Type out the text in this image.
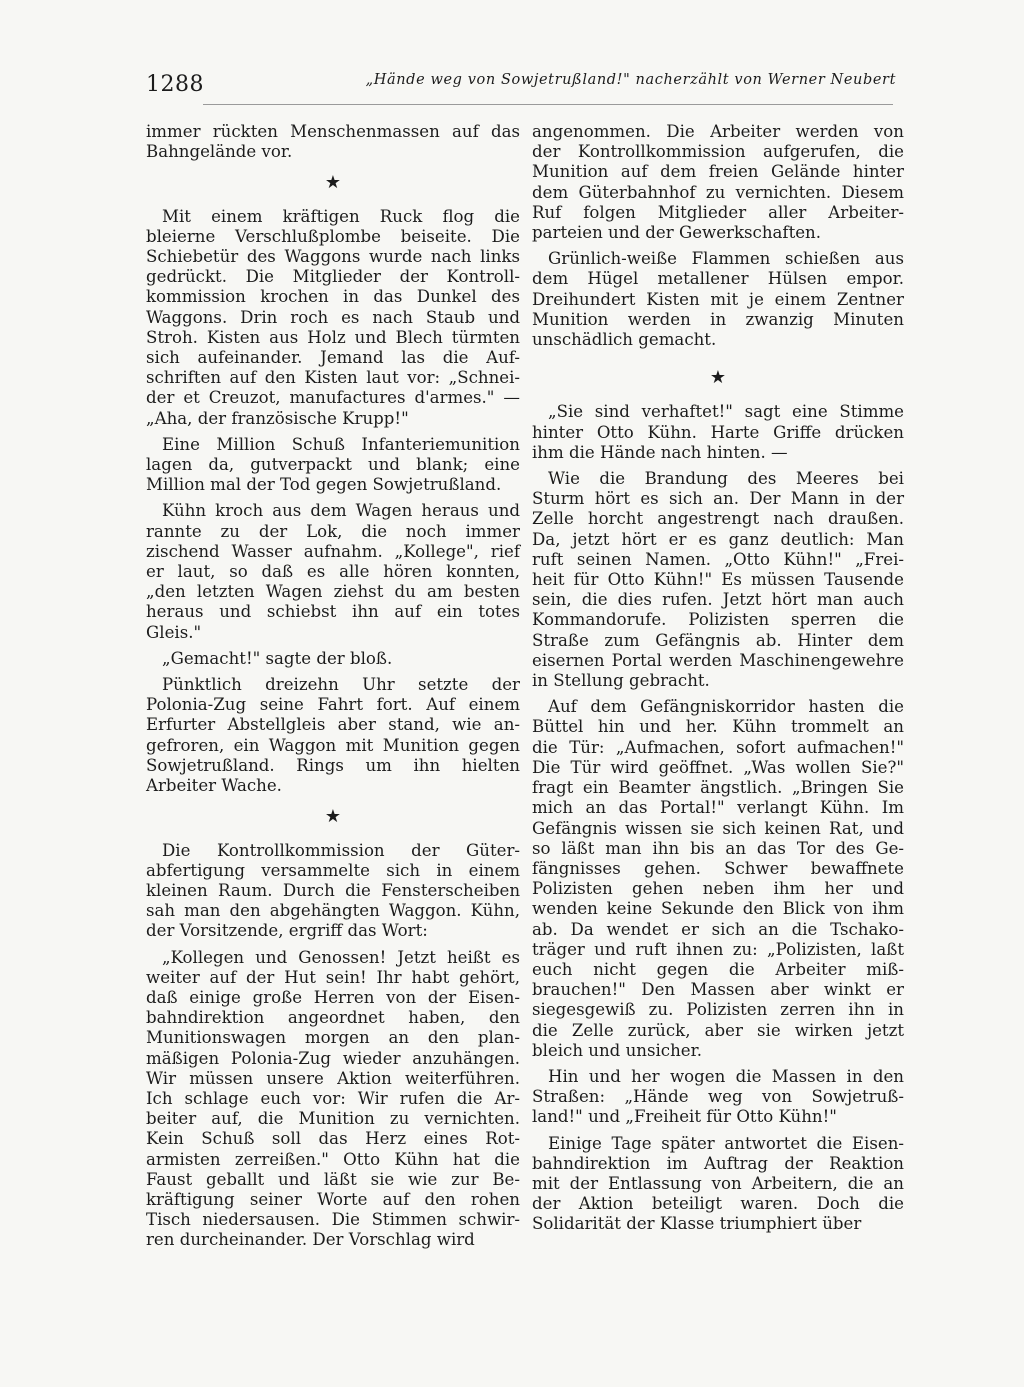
1288	„Hände weg von Sowjetrußland!" nacherzählt von Werner Neubert
immer rückten Menschenmassen auf das
Bahngelände vor.
★
Mit einem kräftigen Ruck flog die
bleierne Verschlußplombe beiseite. Die
Schiebetür des Waggons wurde nach links
gedrückt. Die Mitglieder der Kontroll-
kommission krochen in das Dunkel des
Waggons. Drin roch es nach Staub und
Stroh. Kisten aus Holz und Blech türmten
sich aufeinander. Jemand las die Auf-
schriften auf den Kisten laut vor: „Schnei-
der et Creuzot, manufactures d'armes." —
„Aha, der französische Krupp!"
Eine Million Schuß Infanteriemunition
lagen da, gutverpackt und blank; eine
Million mal der Tod gegen Sowjetrußland.
Kühn kroch aus dem Wagen heraus und
rannte zu der Lok, die noch immer
zischend Wasser aufnahm. „Kollege", rief
er laut, so daß es alle hören konnten,
„den letzten Wagen ziehst du am besten
heraus und schiebst ihn auf ein totes
Gleis."
„Gemacht!" sagte der bloß.
Pünktlich dreizehn Uhr setzte der
Polonia-Zug seine Fahrt fort. Auf einem
Erfurter Abstellgleis aber stand, wie an-
gefroren, ein Waggon mit Munition gegen
Sowjetrußland. Rings um ihn hielten
Arbeiter Wache.
★
Die Kontrollkommission der Güter-
abfertigung versammelte sich in einem
kleinen Raum. Durch die Fensterscheiben
sah man den abgehängten Waggon. Kühn,
der Vorsitzende, ergriff das Wort:
„Kollegen und Genossen! Jetzt heißt es
weiter auf der Hut sein! Ihr habt gehört,
daß einige große Herren von der Eisen-
bahndirektion angeordnet haben, den
Munitionswagen morgen an den plan-
mäßigen Polonia-Zug wieder anzuhängen.
Wir müssen unsere Aktion weiterführen.
Ich schlage euch vor: Wir rufen die Ar-
beiter auf, die Munition zu vernichten.
Kein Schuß soll das Herz eines Rot-
armisten zerreißen." Otto Kühn hat die
Faust geballt und läßt sie wie zur Be-
kräftigung seiner Worte auf den rohen
Tisch niedersausen. Die Stimmen schwir-
ren durcheinander. Der Vorschlag wird
angenommen. Die Arbeiter werden von
der Kontrollkommission aufgerufen, die
Munition auf dem freien Gelände hinter
dem Güterbahnhof zu vernichten. Diesem
Ruf folgen Mitglieder aller Arbeiter-
parteien und der Gewerkschaften.
Grünlich-weiße Flammen schießen aus
dem Hügel metallener Hülsen empor.
Dreihundert Kisten mit je einem Zentner
Munition werden in zwanzig Minuten
unschädlich gemacht.
★
„Sie sind verhaftet!" sagt eine Stimme
hinter Otto Kühn. Harte Griffe drücken
ihm die Hände nach hinten. —
Wie die Brandung des Meeres bei
Sturm hört es sich an. Der Mann in der
Zelle horcht angestrengt nach draußen.
Da, jetzt hört er es ganz deutlich: Man
ruft seinen Namen. „Otto Kühn!" „Frei-
heit für Otto Kühn!" Es müssen Tausende
sein, die dies rufen. Jetzt hört man auch
Kommandorufe. Polizisten sperren die
Straße zum Gefängnis ab. Hinter dem
eisernen Portal werden Maschinengewehre
in Stellung gebracht.
Auf dem Gefängniskorridor hasten die
Büttel hin und her. Kühn trommelt an
die Tür: „Aufmachen, sofort aufmachen!"
Die Tür wird geöffnet. „Was wollen Sie?"
fragt ein Beamter ängstlich. „Bringen Sie
mich an das Portal!" verlangt Kühn. Im
Gefängnis wissen sie sich keinen Rat, und
so läßt man ihn bis an das Tor des Ge-
fängnisses gehen. Schwer bewaffnete
Polizisten gehen neben ihm her und
wenden keine Sekunde den Blick von ihm
ab. Da wendet er sich an die Tschako-
träger und ruft ihnen zu: „Polizisten, laßt
euch nicht gegen die Arbeiter miß-
brauchen!" Den Massen aber winkt er
siegesgewiß zu. Polizisten zerren ihn in
die Zelle zurück, aber sie wirken jetzt
bleich und unsicher.
Hin und her wogen die Massen in den
Straßen: „Hände weg von Sowjetruß-
land!" und „Freiheit für Otto Kühn!"
Einige Tage später antwortet die Eisen-
bahndirektion im Auftrag der Reaktion
mit der Entlassung von Arbeitern, die an
der Aktion beteiligt waren. Doch die
Solidarität der Klasse triumphiert über
